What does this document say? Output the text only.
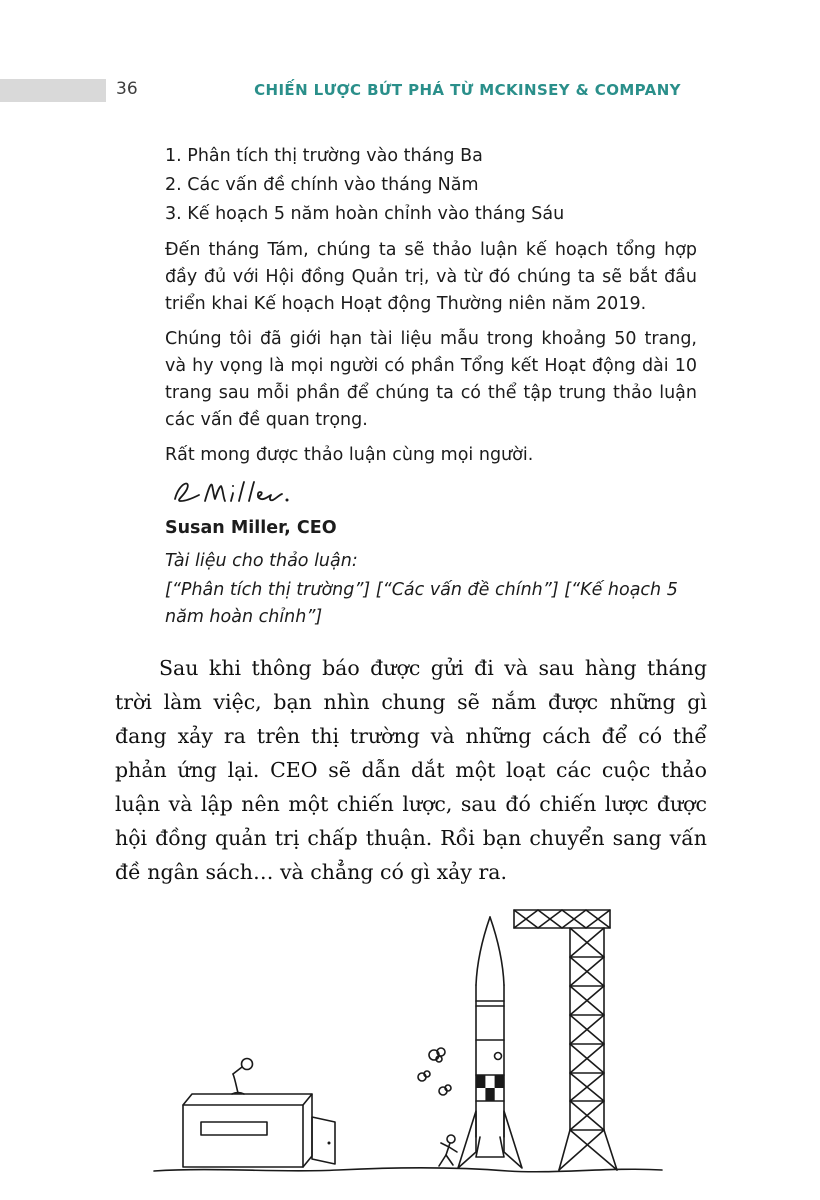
36	CHIẾN LƯỢC BỨT PHÁ TỪ MCKINSEY & COMPANY
1. Phân tích thị trường vào tháng Ba
2. Các vấn đề chính vào tháng Năm
3. Kế hoạch 5 năm hoàn chỉnh vào tháng Sáu

Đến tháng Tám, chúng ta sẽ thảo luận kế hoạch tổng hợp đầy đủ với Hội đồng Quản trị, và từ đó chúng ta sẽ bắt đầu triển khai Kế hoạch Hoạt động Thường niên năm 2019.

Chúng tôi đã giới hạn tài liệu mẫu trong khoảng 50 trang, và hy vọng là mọi người có phần Tổng kết Hoạt động dài 10 trang sau mỗi phần để chúng ta có thể tập trung thảo luận các vấn đề quan trọng.

Rất mong được thảo luận cùng mọi người.

Susan Miller, CEO
Tài liệu cho thảo luận:
[“Phân tích thị trường”] [“Các vấn đề chính”] [“Kế hoạch 5 năm hoàn chỉnh”]

Sau khi thông báo được gửi đi và sau hàng tháng trời làm việc, bạn nhìn chung sẽ nắm được những gì đang xảy ra trên thị trường và những cách để có thể phản ứng lại. CEO sẽ dẫn dắt một loạt các cuộc thảo luận và lập nên một chiến lược, sau đó chiến lược được hội đồng quản trị chấp thuận. Rồi bạn chuyển sang vấn đề ngân sách… và chẳng có gì xảy ra.
